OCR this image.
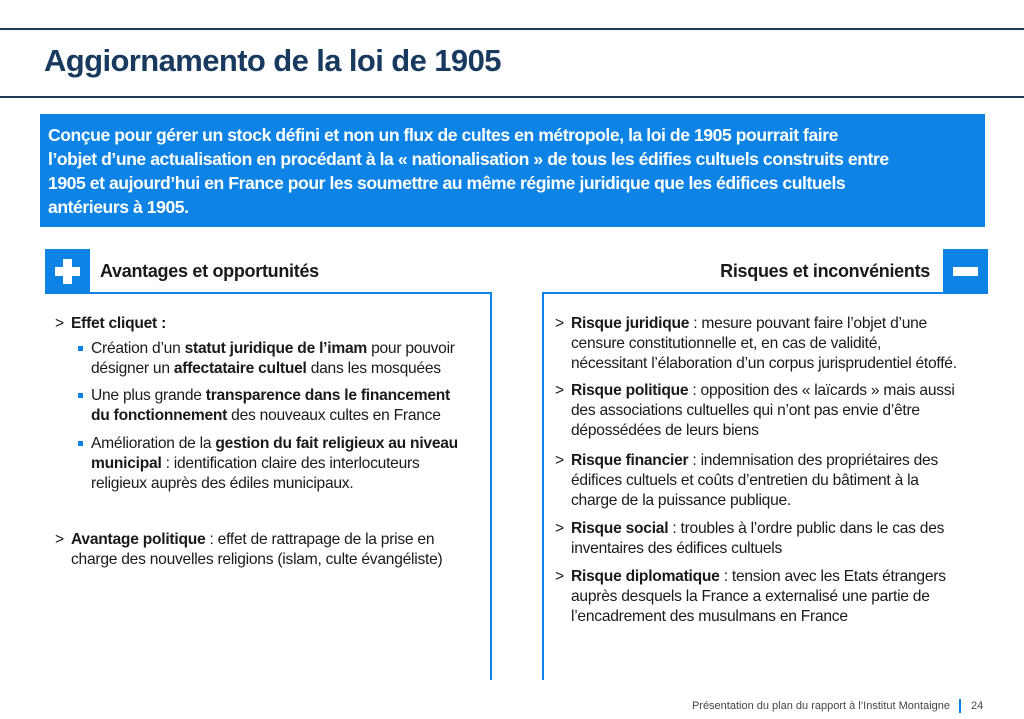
Aggiornamento de la loi de 1905
Conçue pour gérer un stock défini et non un flux de cultes en métropole, la loi de 1905 pourrait faire
l’objet d’une actualisation en procédant à la « nationalisation » de tous les édifies cultuels construits entre
1905 et aujourd’hui en France pour les soumettre au même régime juridique que les édifices cultuels
antérieurs à 1905.
Avantages et opportunités	Risques et inconvénients
> Effet cliquet :
Création d’un statut juridique de l’imam pour pouvoir
désigner un affectataire cultuel dans les mosquées
Une plus grande transparence dans le financement
du fonctionnement des nouveaux cultes en France
Amélioration de la gestion du fait religieux au niveau
municipal : identification claire des interlocuteurs
religieux auprès des édiles municipaux.
> Avantage politique : effet de rattrapage de la prise en
charge des nouvelles religions (islam, culte évangéliste)
> Risque juridique : mesure pouvant faire l’objet d’une
censure constitutionnelle et, en cas de validité,
nécessitant l’élaboration d’un corpus jurisprudentiel étoffé.
> Risque politique : opposition des « laïcards » mais aussi
des associations cultuelles qui n’ont pas envie d’être
dépossédées de leurs biens
> Risque financier : indemnisation des propriétaires des
édifices cultuels et coûts d’entretien du bâtiment à la
charge de la puissance publique.
> Risque social : troubles à l’ordre public dans le cas des
inventaires des édifices cultuels
> Risque diplomatique : tension avec les Etats étrangers
auprès desquels la France a externalisé une partie de
l’encadrement des musulmans en France
Présentation du plan du rapport à l’Institut Montaigne 24
